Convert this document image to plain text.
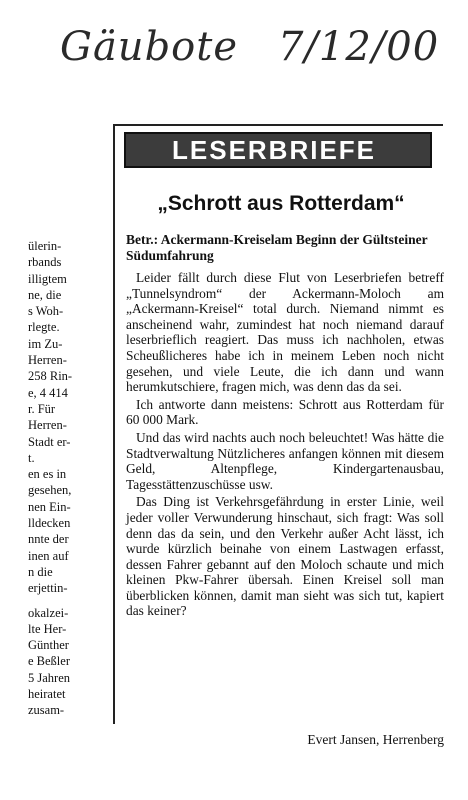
Gäubote 7/12/00
ülerin-
rbands
illigtem
ne, die
s Woh-
rlegte.
im Zu-
Herren-
258 Rin-
e, 4 414
r. Für
Herren-
Stadt er-
t.
en es in
gesehen,
nen Ein-
lldecken
nnte der
inen auf
n die
erjettin-
okalzei-
lte Her-
Günther
e Beßler
5 Jahren
heiratet
zusam-
LESERBRIEFE
„Schrott aus Rotterdam“
Betr.: Ackermann-Kreiselam Beginn der Gültsteiner Südumfahrung

Leider fällt durch diese Flut von Leserbriefen betreff „Tunnelsyndrom“ der Ackermann-Moloch am „Ackermann-Kreisel“ total durch. Niemand nimmt es anscheinend wahr, zumindest hat noch niemand darauf leserbrieflich reagiert. Das muss ich nachholen, etwas Scheußlicheres habe ich in meinem Leben noch nicht gesehen, und viele Leute, die ich dann und wann herumkutschiere, fragen mich, was denn das da sei.

Ich antworte dann meistens: Schrott aus Rotterdam für 60 000 Mark.

Und das wird nachts auch noch beleuchtet! Was hätte die Stadtverwaltung Nützlicheres anfangen können mit diesem Geld, Altenpflege, Kindergartenausbau, Tagesstättenzuschüsse usw.

Das Ding ist Verkehrsgefährdung in erster Linie, weil jeder voller Verwunderung hinschaut, sich fragt: Was soll denn das da sein, und den Verkehr außer Acht lässt, ich wurde kürzlich beinahe von einem Lastwagen erfasst, dessen Fahrer gebannt auf den Moloch schaute und mich kleinen Pkw-Fahrer übersah. Einen Kreisel soll man überblicken können, damit man sieht was sich tut, kapiert das keiner?

Evert Jansen, Herrenberg
